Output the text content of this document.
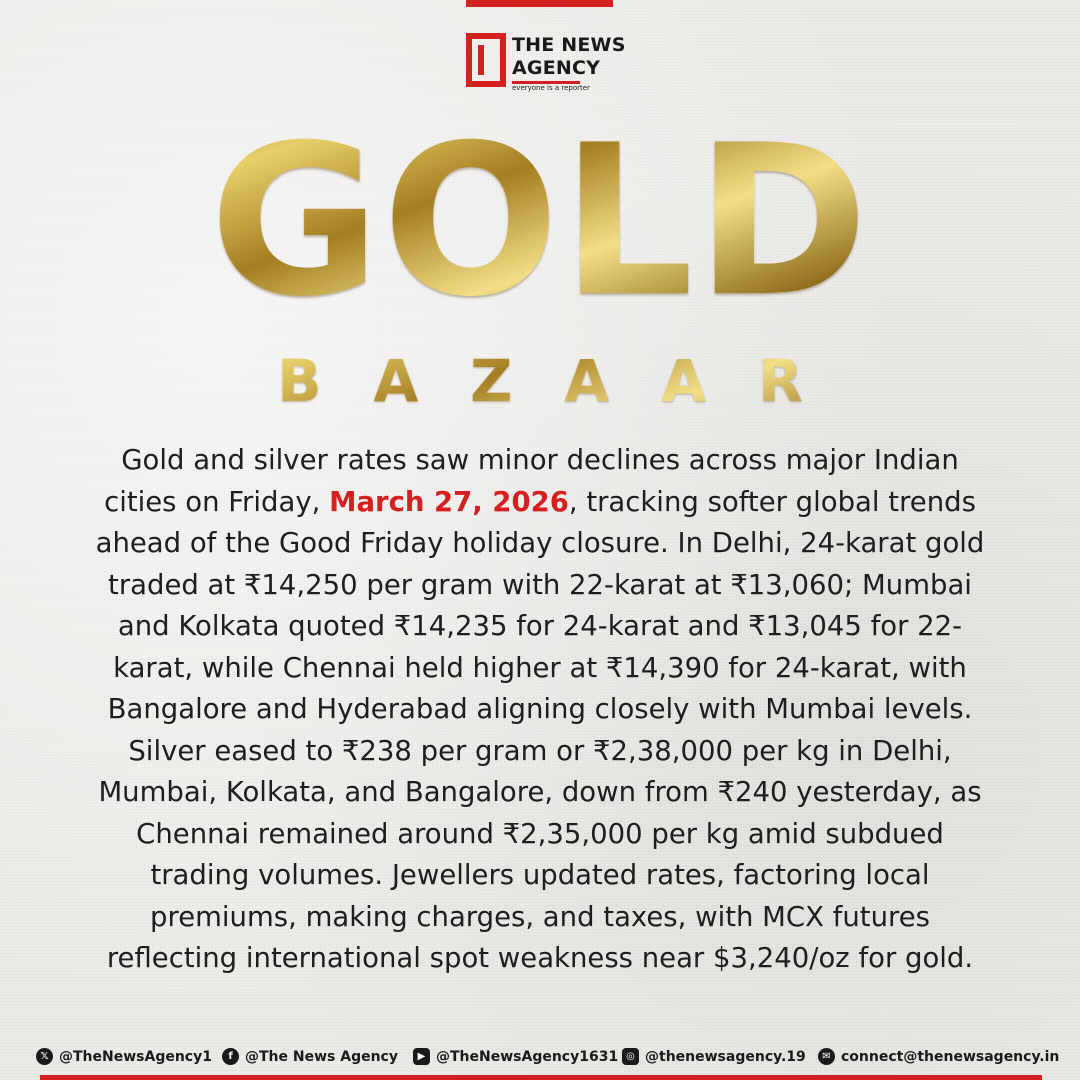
THE NEWS
AGENCY
everyone is a reporter
GOLD
BAZAAR
Gold and silver rates saw minor declines across major Indian
cities on Friday, March 27, 2026, tracking softer global trends
ahead of the Good Friday holiday closure. In Delhi, 24-karat gold
traded at ₹14,250 per gram with 22-karat at ₹13,060; Mumbai
and Kolkata quoted ₹14,235 for 24-karat and ₹13,045 for 22-
karat, while Chennai held higher at ₹14,390 for 24-karat, with
Bangalore and Hyderabad aligning closely with Mumbai levels.
Silver eased to ₹238 per gram or ₹2,38,000 per kg in Delhi,
Mumbai, Kolkata, and Bangalore, down from ₹240 yesterday, as
Chennai remained around ₹2,35,000 per kg amid subdued
trading volumes. Jewellers updated rates, factoring local
premiums, making charges, and taxes, with MCX futures
reflecting international spot weakness near $3,240/oz for gold.
𝕏 @TheNewsAgency1	f @The News Agency	▶ @TheNewsAgency1631 ◎ @thenewsagency.19	✉ connect@thenewsagency.in
